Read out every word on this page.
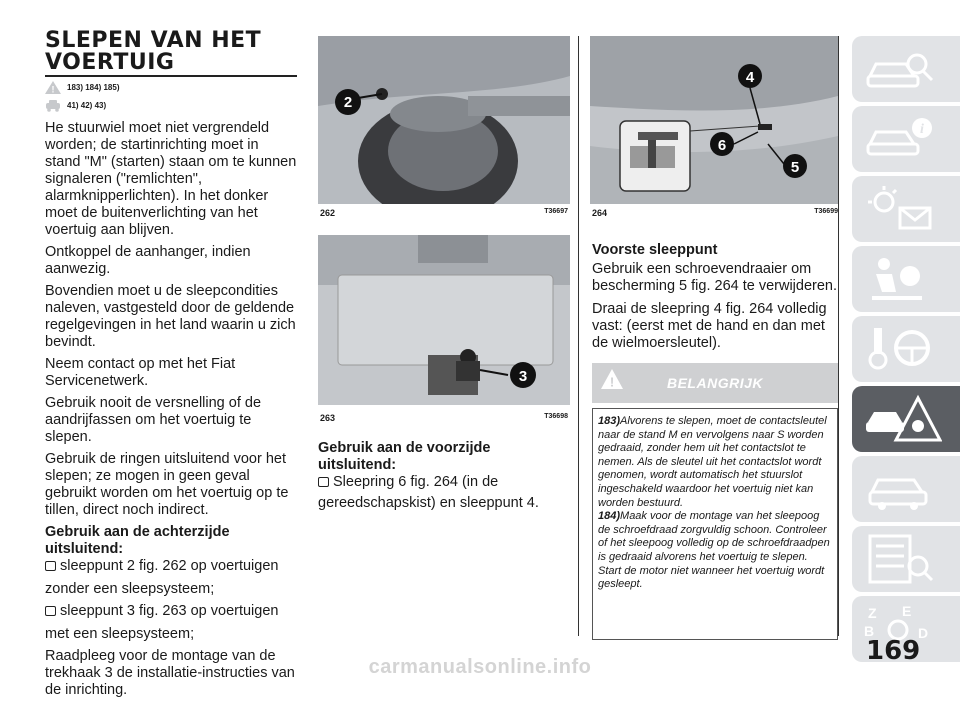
SLEPEN VAN HET
VOERTUIG
! 183) 184) 185)
41) 42) 43)

He stuurwiel moet niet vergrendeld worden; de startinrichting moet in stand "M" (starten) staan om te kunnen signaleren ("remlichten", alarmknipperlichten). In het donker moet de buitenverlichting van het voertuig aan blijven.

Ontkoppel de aanhanger, indien aanwezig.

Bovendien moet u de sleepcondities naleven, vastgesteld door de geldende regelgevingen in het land waarin u zich bevindt.

Neem contact op met het Fiat Servicenetwerk.

Gebruik nooit de versnelling of de aandrijfassen om het voertuig te slepen.

Gebruik de ringen uitsluitend voor het slepen; ze mogen in geen geval gebruikt worden om het voertuig op te tillen, direct noch indirect.

Gebruik aan de achterzijde uitsluitend:
sleeppunt 2 fig. 262 op voertuigen

zonder een sleepsysteem;

sleeppunt 3 fig. 263 op voertuigen

met een sleepsysteem;

Raadpleeg voor de montage van de trekhaak 3 de installatie-instructies van de inrichting.

2
262	T36697
3
263	T36698
Gebruik aan de voorzijde uitsluitend:
Sleepring 6 fig. 264 (in de

gereedschapskist) en sleeppunt 4.

4
6
5
264	T36699
Voorste sleeppunt

Gebruik een schroevendraaier om bescherming 5 fig. 264 te verwijderen.

Draai de sleepring 4 fig. 264 volledig vast: (eerst met de hand en dan met de wielmoersleutel).

!	BELANGRIJK
183)Alvorens te slepen, moet de contactsleutel naar de stand M en vervolgens naar S worden gedraaid, zonder hem uit het contactslot te nemen. Als de sleutel uit het contactslot wordt genomen, wordt automatisch het stuurslot ingeschakeld waardoor het voertuig niet kan worden bestuurd.
184)Maak voor de montage van het sleepoog de schroefdraad zorgvuldig schoon. Controleer of het sleepoog volledig op de schroefdraadpen is gedraaid alvorens het voertuig te slepen. Start de motor niet wanneer het voertuig wordt gesleept.
i
Z E
B	D
169
carmanualsonline.info
